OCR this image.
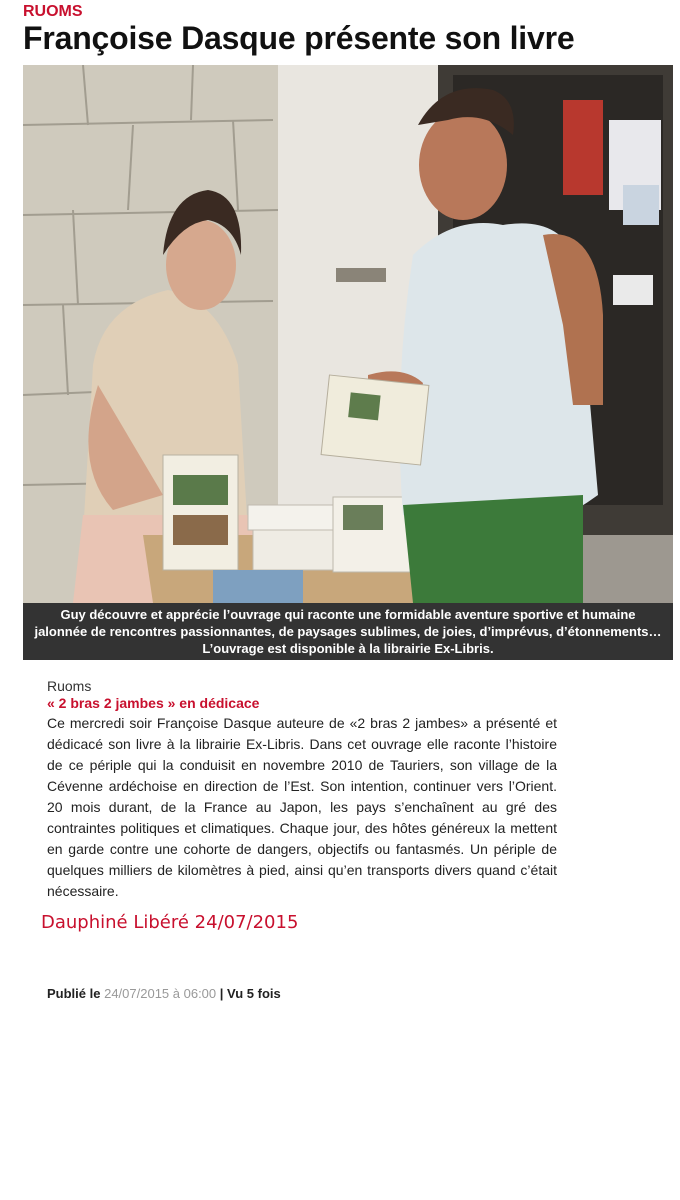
RUOMS
Françoise Dasque présente son livre
Guy découvre et apprécie l’ouvrage qui raconte une formidable aventure sportive et humaine
jalonnée de rencontres passionnantes, de paysages sublimes, de joies, d’imprévus, d’étonnements…
L’ouvrage est disponible à la librairie Ex-Libris.
Ruoms
« 2 bras 2 jambes » en dédicace

Ce mercredi soir Françoise Dasque auteure de «2 bras 2 jambes» a présenté et dédicacé son livre à la librairie Ex-Libris. Dans cet ouvrage elle raconte l’histoire de ce périple qui la conduisit en novembre 2010 de Tauriers, son village de la Cévenne ardéchoise en direction de l’Est. Son intention, continuer vers l’Orient. 20 mois durant, de la France au Japon, les pays s’enchaînent au gré des contraintes politiques et climatiques. Chaque jour, des hôtes généreux la mettent en garde contre une cohorte de dangers, objectifs ou fantasmés. Un périple de quelques milliers de kilomètres à pied, ainsi qu’en transports divers quand c’était nécessaire.

Dauphiné Libéré 24/07/2015
Publié le 24/07/2015 à 06:00 | Vu 5 fois
